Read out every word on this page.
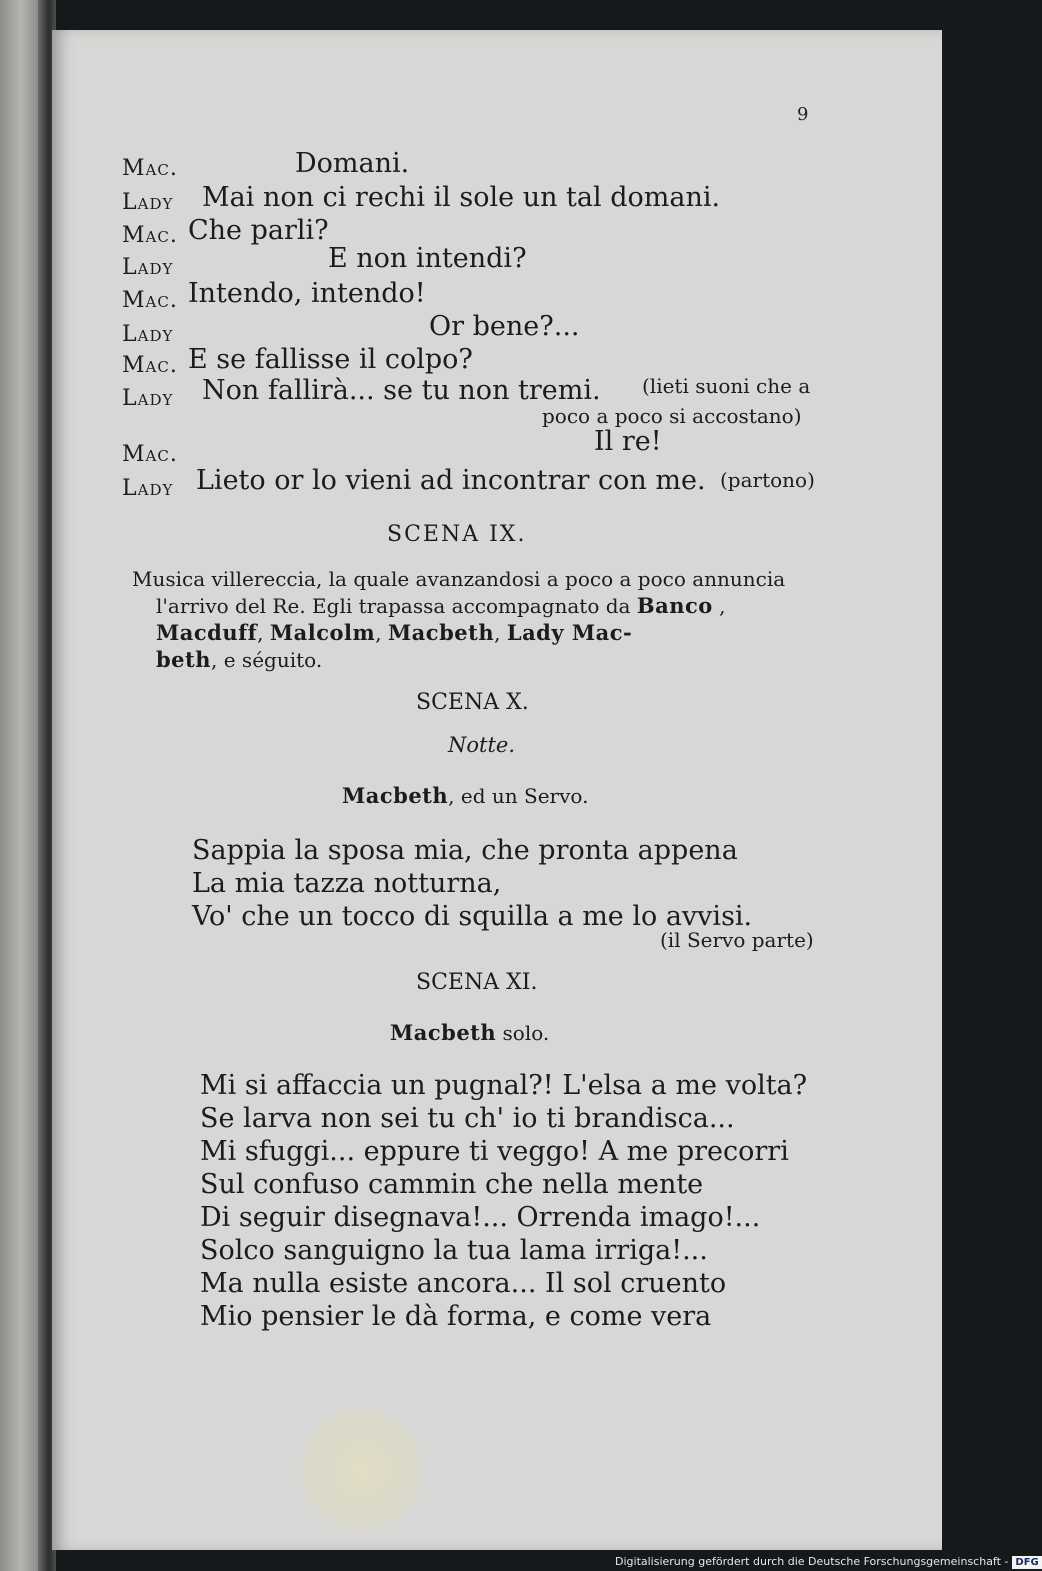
9
Mac.	Domani.
Lady Mai non ci rechi il sole un tal domani.
Mac. Che parli?
Lady	E non intendi?
Mac. Intendo, intendo!
Lady	Or bene?...
Mac. E se fallisse il colpo?
Lady Non fallirà... se tu non tremi. (lieti suoni che a
poco a poco si accostano)
Mac.	Il re!
Lady Lieto or lo vieni ad incontrar con me. (partono)
SCENA IX.
Musica villereccia, la quale avanzandosi a poco a poco annuncia
l'arrivo del Re. Egli trapassa accompagnato da Banco ,
Macduff, Malcolm, Macbeth, Lady Mac-
beth, e séguito.
SCENA X.
Notte.
Macbeth, ed un Servo.
Sappia la sposa mia, che pronta appena
La mia tazza notturna,
Vo' che un tocco di squilla a me lo avvisi.
(il Servo parte)
SCENA XI.
Macbeth solo.
Mi si affaccia un pugnal?! L'elsa a me volta?
Se larva non sei tu ch' io ti brandisca...
Mi sfuggi... eppure ti veggo! A me precorri
Sul confuso cammin che nella mente
Di seguir disegnava!... Orrenda imago!...
Solco sanguigno la tua lama irriga!...
Ma nulla esiste ancora... Il sol cruento
Mio pensier le dà forma, e come vera
Digitalisierung gefördert durch die Deutsche Forschungsgemeinschaft - DFG
